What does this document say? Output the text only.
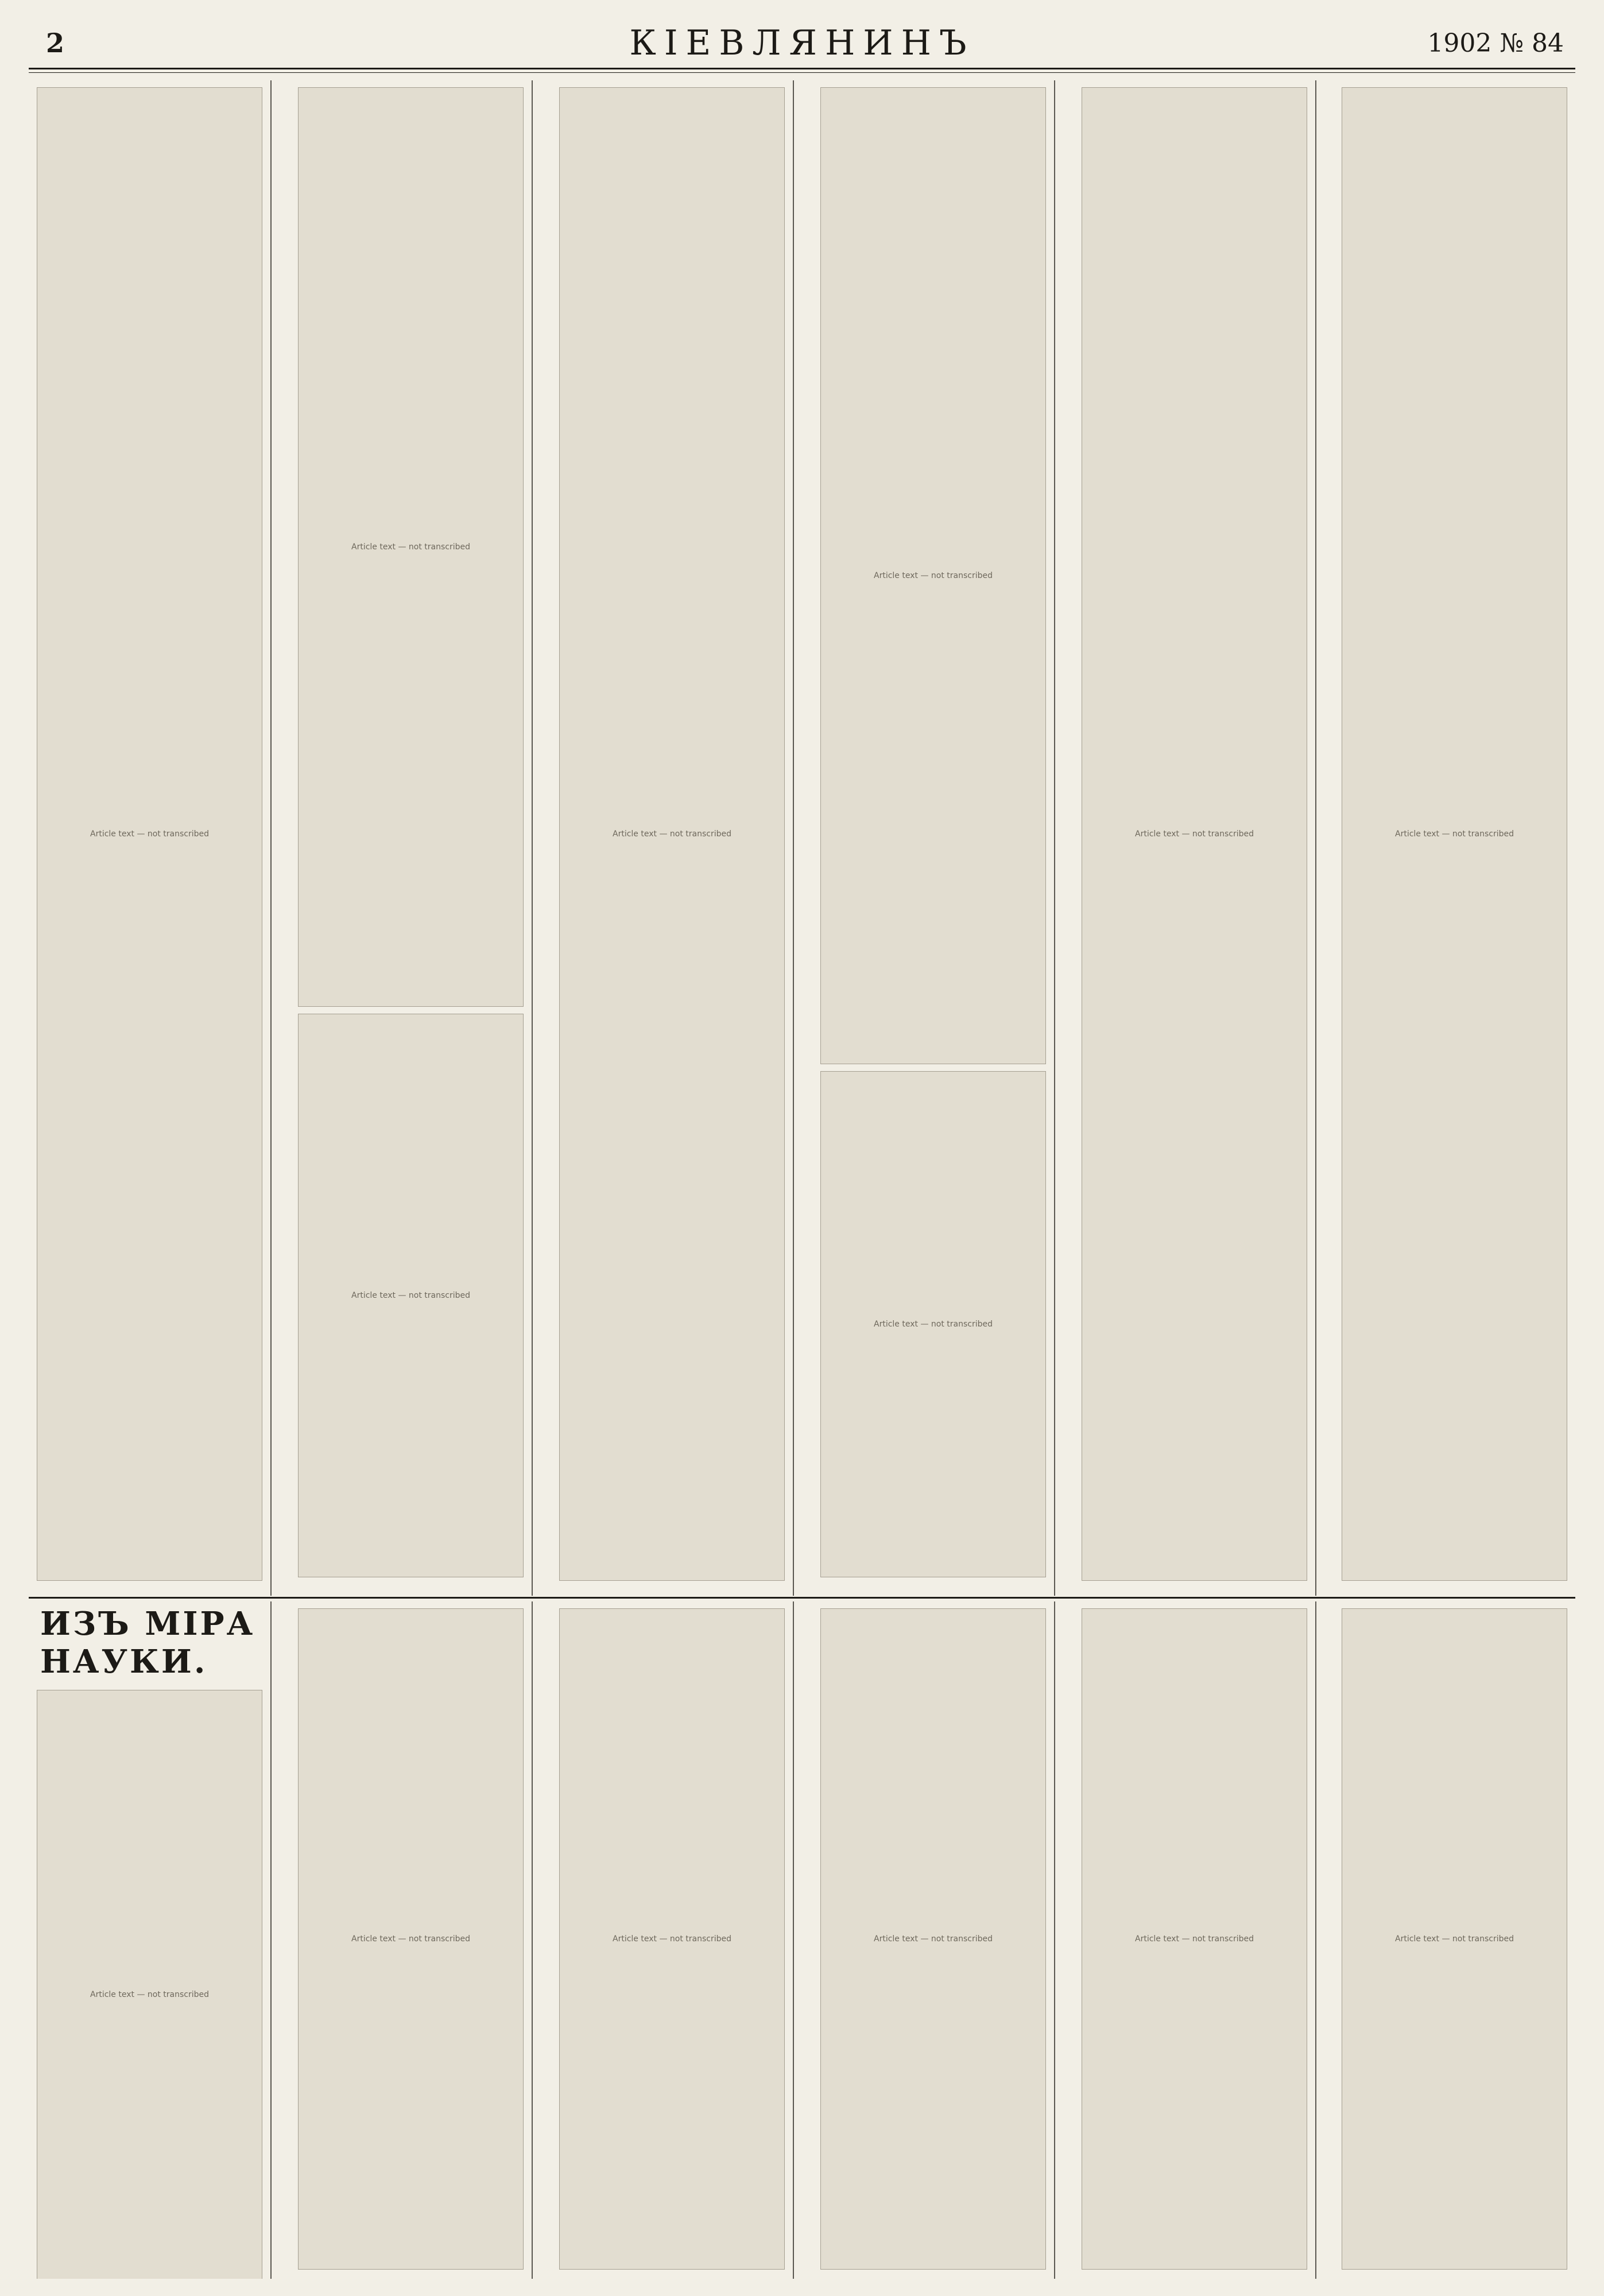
2	КІЕВЛЯНИНЪ	1902 № 84
Article text — not transcribed
Article text — not transcribed
Article text — not transcribed
Article text — not transcribed
Article text — not transcribed
Article text — not transcribed
Article text — not transcribed	Article text — not transcribed
ИЗЪ МІРА НАУКИ.
Article text — not transcribed
Article text — not transcribed	Article text — not transcribed	Article text — not transcribed	Article text — not transcribed	Article text — not transcribed
